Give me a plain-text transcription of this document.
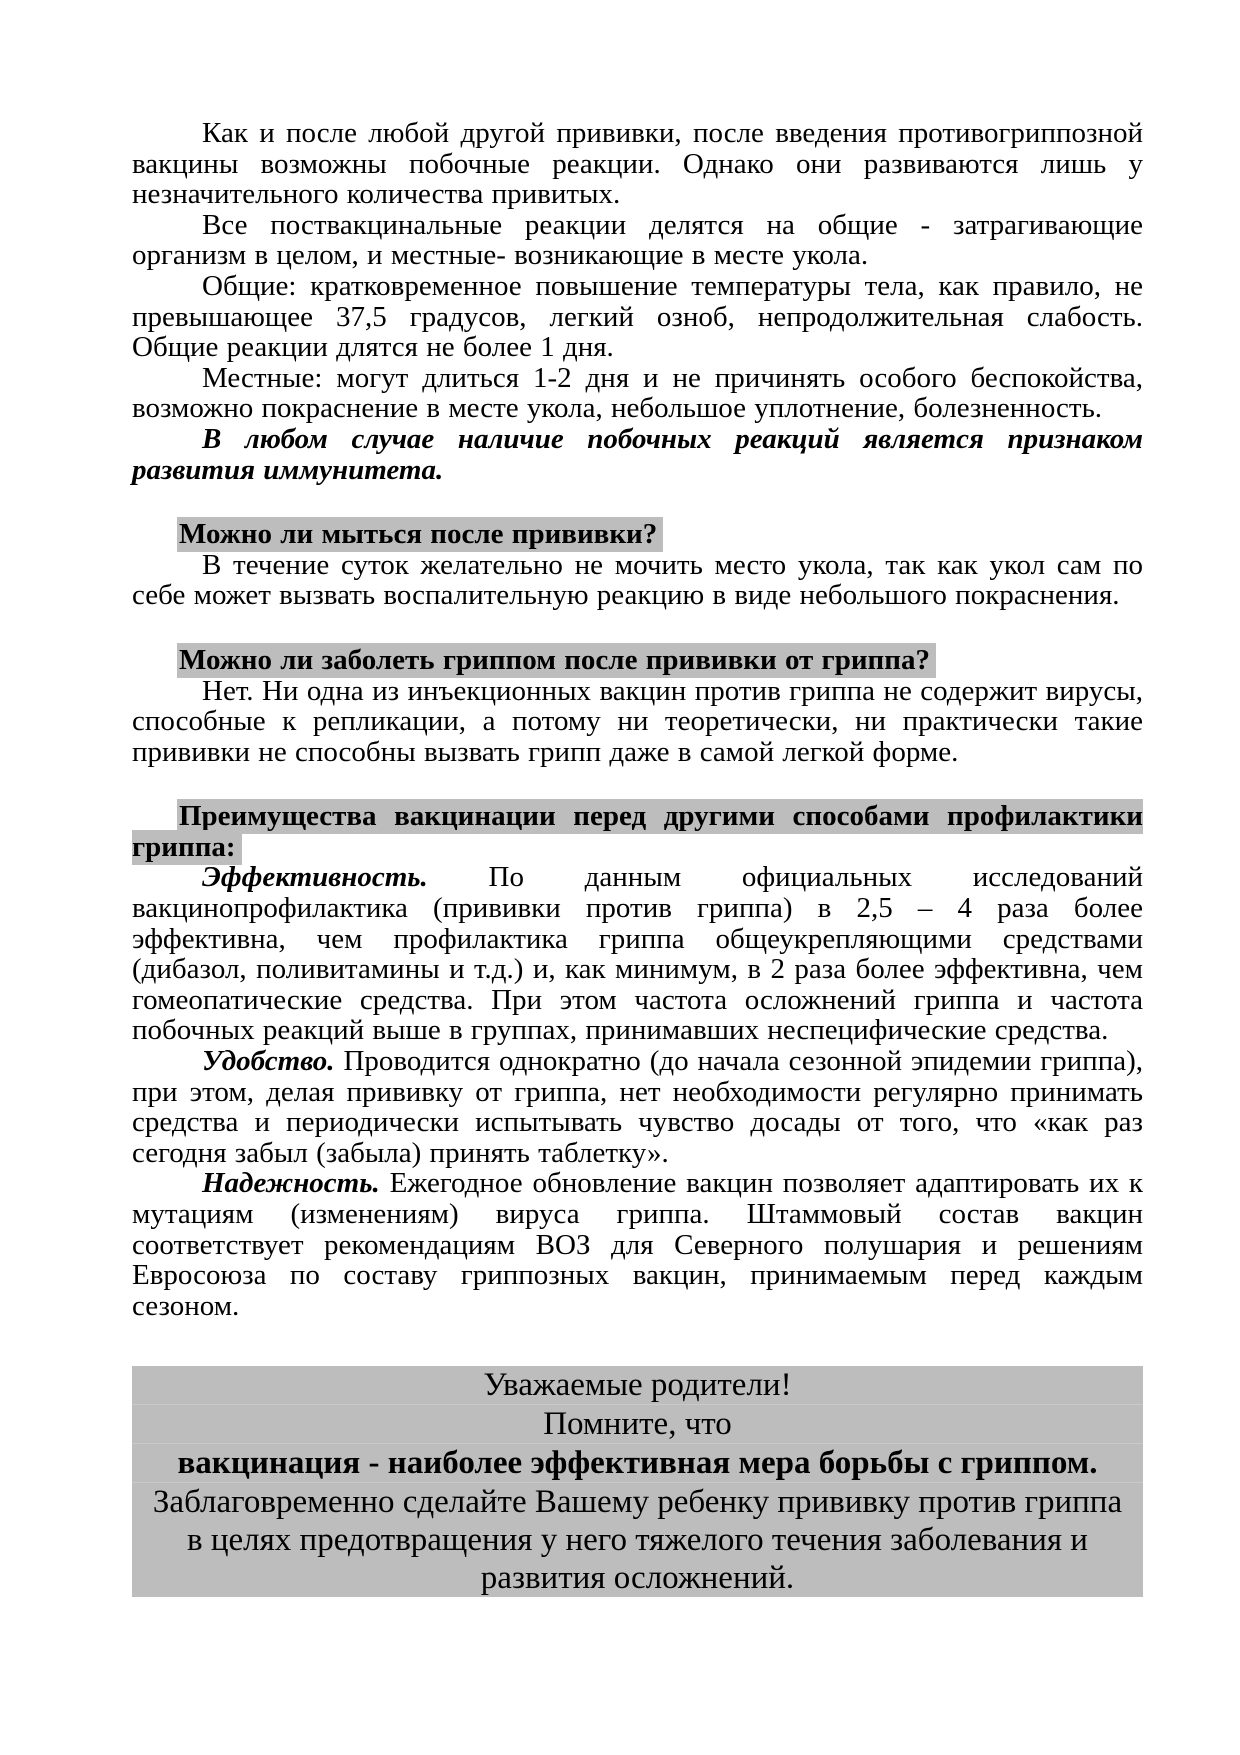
Как и после любой другой прививки, после введения противогриппозной вакцины возможны побочные реакции. Однако они развиваются лишь у незначительного количества привитых.

Все поствакцинальные реакции делятся на общие - затрагивающие организм в целом, и местные- возникающие в месте укола.

Общие: кратковременное повышение температуры тела, как правило, не превышающее 37,5 градусов, легкий озноб, непродолжительная слабость. Общие реакции длятся не более 1 дня.

Местные: могут длиться 1-2 дня и не причинять особого беспокойства, возможно покраснение в месте укола, небольшое уплотнение, болезненность.

В любом случае наличие побочных реакций является признаком развития иммунитета.

Можно ли мыться после прививки?

В течение суток желательно не мочить место укола, так как укол сам по себе может вызвать воспалительную реакцию в виде небольшого покраснения.

Можно ли заболеть гриппом после прививки от гриппа?

Нет. Ни одна из инъекционных вакцин против гриппа не содержит вирусы, способные к репликации, а потому ни теоретически, ни практически такие прививки не способны вызвать грипп даже в самой легкой форме.

Преимущества вакцинации перед другими способами профилактики гриппа:

Эффективность. По данным официальных исследований вакцинопрофилактика (прививки против гриппа) в 2,5 – 4 раза более эффективна, чем профилактика гриппа общеукрепляющими средствами (дибазол, поливитамины и т.д.) и, как минимум, в 2 раза более эффективна, чем гомеопатические средства. При этом частота осложнений гриппа и частота побочных реакций выше в группах, принимавших неспецифические средства.

Удобство. Проводится однократно (до начала сезонной эпидемии гриппа), при этом, делая прививку от гриппа, нет необходимости регулярно принимать средства и периодически испытывать чувство досады от того, что «как раз сегодня забыл (забыла) принять таблетку».

Надежность. Ежегодное обновление вакцин позволяет адаптировать их к мутациям (изменениям) вируса гриппа. Штаммовый состав вакцин соответствует рекомендациям ВОЗ для Северного полушария и решениям Евросоюза по составу гриппозных вакцин, принимаемым перед каждым сезоном.

Уважаемые родители!

Помните, что

вакцинация - наиболее эффективная мера борьбы с гриппом.

Заблаговременно сделайте Вашему ребенку прививку против гриппа в целях предотвращения у него тяжелого течения заболевания и развития осложнений.
